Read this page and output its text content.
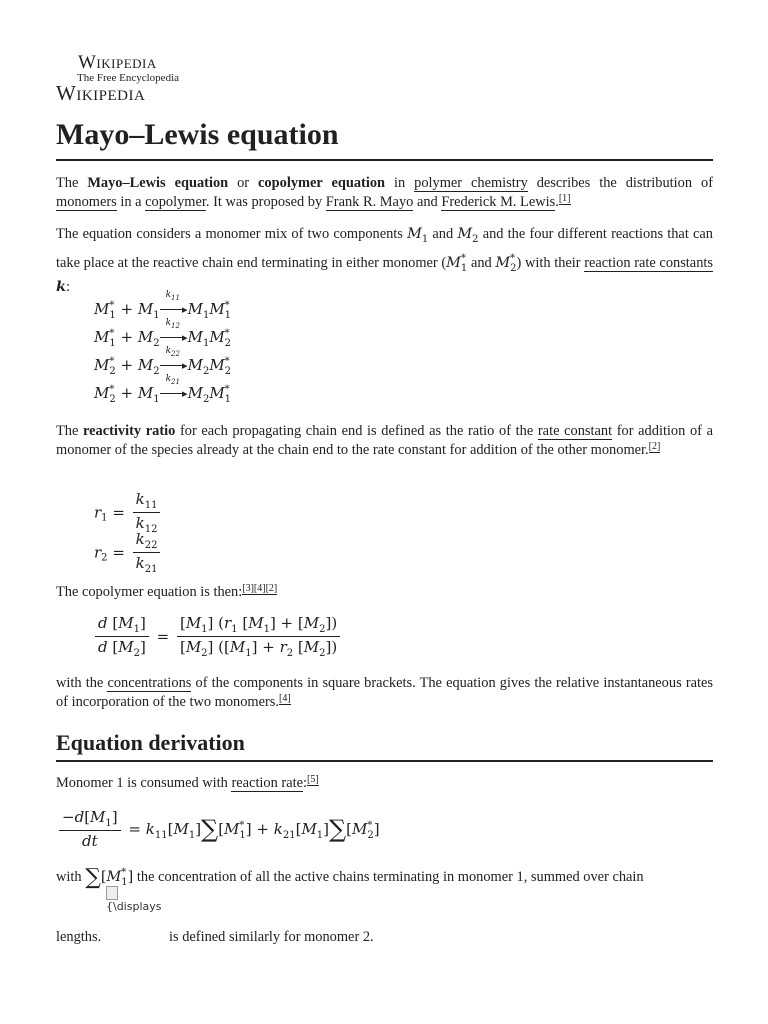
Wikipedia
The Free Encyclopedia
Wikipedia
Mayo–Lewis equation

The Mayo–Lewis equation or copolymer equation in polymer chemistry describes the distribution of monomers in a copolymer. It was proposed by Frank R. Mayo and Frederick M. Lewis.[1]

The equation considers a monomer mix of two components $M_1$ and $M_2$ and the four different reactions that can take place at the reactive chain end terminating in either monomer ($M^*_1$ and $M^*_2$) with their reaction rate constants k:

$M^*_1 + M_1$
$k_{11}$
▸ $M_1M^*_1$
$M^*_1 + M_2$
$k_{12}$
▸ $M_1M^*_2$
$M^*_2 + M_2$
$k_{22}$
▸ $M_2M^*_2$
$M^*_2 + M_1$
$k_{21}$
▸ $M_2M^*_1$

The reactivity ratio for each propagating chain end is defined as the ratio of the rate constant for addition of a monomer of the species already at the chain end to the rate constant for addition of the other monomer.[2]

$r_1 = \frac{k_{11}}{k_{12}}$
$r_2 = \frac{k_{22}}{k_{21}}$

The copolymer equation is then:[3][4][2]

$\frac{d [M_1]}{d [M_2]} = \frac{[M_1] (r_1 [M_1] + [M_2])}{[M_2] ([M_1] + r_2 [M_2])}$

with the concentrations of the components in square brackets. The equation gives the relative instantaneous rates of incorporation of the two monomers.[4]

Equation derivation

Monomer 1 is consumed with reaction rate:[5]

$\frac{-d[M_1]}{dt} = k_{11}[M_1]\sum[M^*_1] + k_{21}[M_1]\sum[M^*_2]$

with $\sum[M^*_1]$ the concentration of all the active chains terminating in monomer 1, summed over chain

{\displays

lengths.	is defined similarly for monomer 2.
